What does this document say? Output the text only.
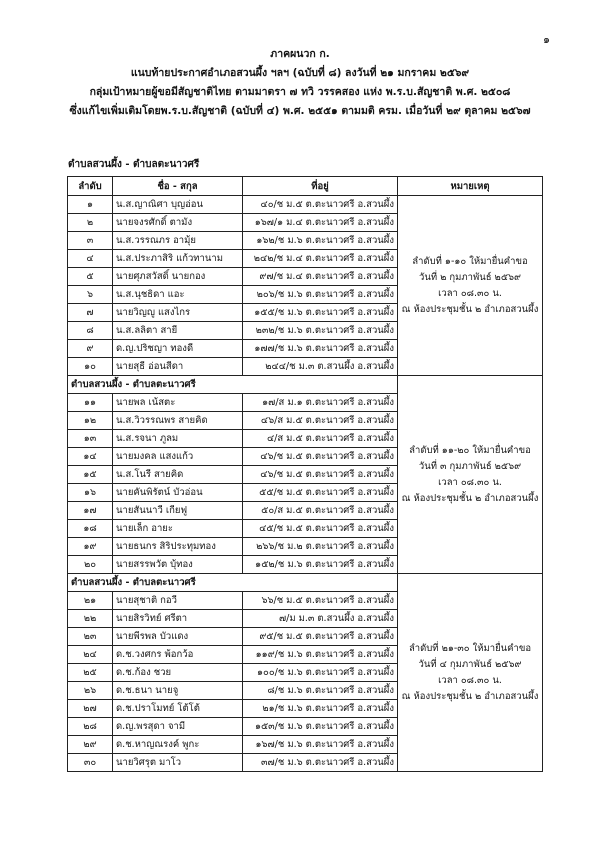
๑
ภาคผนวก ก.
แนบท้ายประกาศอำเภอสวนผึ้ง ฯลฯ (ฉบับที่ ๘) ลงวันที่ ๒๑ มกราคม ๒๕๖๙
กลุ่มเป้าหมายผู้ขอมีสัญชาติไทย ตามมาตรา ๗ ทวิ วรรคสอง แห่ง พ.ร.บ.สัญชาติ พ.ศ. ๒๕๐๘
ซึ่งแก้ไขเพิ่มเติมโดยพ.ร.บ.สัญชาติ (ฉบับที่ ๔) พ.ศ. ๒๕๕๑ ตามมติ ครม. เมื่อวันที่ ๒๙ ตุลาคม ๒๕๖๗
ตำบลสวนผึ้ง - ตำบลตะนาวศรี
ลำดับ	ชื่อ - สกุล	ที่อยู่	หมายเหตุ
๑	น.ส.ญาณิศา บุญอ่อน	๔๐/ช ม.๕ ต.ตะนาวศรี อ.สวนผึ้ง	ลำดับที่ ๑-๑๐ ให้มายื่นคำขอ
วันที่ ๒ กุมภาพันธ์ ๒๕๖๙
เวลา ๐๘.๓๐ น.
ณ ห้องประชุมชั้น ๒ อำเภอสวนผึ้ง

๒	นายจงรศักดิ์ ตามัง	๑๖๗/๑ ม.๔ ต.ตะนาวศรี อ.สวนผึ้ง	
๓	น.ส.วรรณภร อามุ้ย	๑๖๒/ช ม.๖ ต.ตะนาวศรี อ.สวนผึ้ง	
๔	น.ส.ประภาสิริ แก้วทานาม	๒๔๒/ช ม.๔ ต.ตะนาวศรี อ.สวนผึ้ง	
๕	นายศุภสวัสดิ์ นายกอง	๙๗/ช ม.๔ ต.ตะนาวศรี อ.สวนผึ้ง	
๖	น.ส.นุชธิดา แอะ	๒๐๖/ช ม.๖ ต.ตะนาวศรี อ.สวนผึ้ง	
๗	นายวิญญู แสงไกร	๑๕๕/ช ม.๖ ต.ตะนาวศรี อ.สวนผึ้ง	
๘	น.ส.ลลิตา สายี	๒๓๒/ช ม.๖ ต.ตะนาวศรี อ.สวนผึ้ง	
๙	ด.ญ.ปริชญา ทองดี	๑๗๗/ช ม.๖ ต.ตะนาวศรี อ.สวนผึ้ง	
๑๐	นายสุธี อ่อนสีดา	๒๔๔/ช ม.๓ ต.สวนผึ้ง อ.สวนผึ้ง	
ตำบลสวนผึ้ง - ตำบลตะนาวศรี			ลำดับที่ ๑๑-๒๐ ให้มายื่นคำขอ
วันที่ ๓ กุมภาพันธ์ ๒๕๖๙
เวลา ๐๘.๓๐ น.
ณ ห้องประชุมชั้น ๒ อำเภอสวนผึ้ง

๑๑	นายพล เน้สตะ	๑๗/ส ม.๑ ต.ตะนาวศรี อ.สวนผึ้ง	
๑๒	น.ส.วิวรรณพร สายคิด	๔๖/ส ม.๕ ต.ตะนาวศรี อ.สวนผึ้ง	
๑๓	น.ส.รจนา ภูลม	๔/ส ม.๕ ต.ตะนาวศรี อ.สวนผึ้ง	
๑๔	นายมงคล แสงแก้ว	๔๖/ช ม.๕ ต.ตะนาวศรี อ.สวนผึ้ง	
๑๕	น.ส.โนรี สายคิด	๔๖/ช ม.๕ ต.ตะนาวศรี อ.สวนผึ้ง	
๑๖	นายคันพิรัตน์ บัวอ่อน	๕๕/ช ม.๕ ต.ตะนาวศรี อ.สวนผึ้ง	
๑๗	นายสันนาวี เกียฟู	๕๐/ส ม.๕ ต.ตะนาวศรี อ.สวนผึ้ง	
๑๘	นายเล็ก อายะ	๔๕/ช ม.๕ ต.ตะนาวศรี อ.สวนผึ้ง	
๑๙	นายธนกร สิริประทุมทอง	๒๖๖/ช ม.๒ ต.ตะนาวศรี อ.สวนผึ้ง	
๒๐	นายสรรพวัต บุ้ทอง	๑๕๒/ช ม.๖ ต.ตะนาวศรี อ.สวนผึ้ง	
ตำบลสวนผึ้ง - ตำบลตะนาวศรี			ลำดับที่ ๒๑-๓๐ ให้มายื่นคำขอ
วันที่ ๔ กุมภาพันธ์ ๒๕๖๙
เวลา ๐๘.๓๐ น.
ณ ห้องประชุมชั้น ๒ อำเภอสวนผึ้ง

๒๑	นายสุชาติ กอวี	๖๖/ช ม.๕ ต.ตะนาวศรี อ.สวนผึ้ง	
๒๒	นายสิรวิทย์ ศรีตา	๗/ม ม.๓ ต.สวนผึ้ง อ.สวนผึ้ง	
๒๓	นายพีรพล บัวแดง	๙๕/ช ม.๕ ต.ตะนาวศรี อ.สวนผึ้ง	
๒๔	ด.ช.วงศกร พ้อกว้อ	๑๑๙/ช ม.๖ ต.ตะนาวศรี อ.สวนผึ้ง	
๒๕	ด.ช.ก้อง ชวย	๑๐๐/ช ม.๖ ต.ตะนาวศรี อ.สวนผึ้ง	
๒๖	ด.ช.ธนา นายจู	๘/ช ม.๖ ต.ตะนาวศรี อ.สวนผึ้ง	
๒๗	ด.ช.ปราโมทย์ โต้โต้	๒๑/ช ม.๖ ต.ตะนาวศรี อ.สวนผึ้ง	
๒๘	ด.ญ.พรสุดา จามี	๑๕๓/ช ม.๖ ต.ตะนาวศรี อ.สวนผึ้ง	
๒๙	ด.ช.หาญณรงค์ พูกะ	๑๖๗/ช ม.๖ ต.ตะนาวศรี อ.สวนผึ้ง	
๓๐	นายวิศรุต มาโว	๓๗/ช ม.๖ ต.ตะนาวศรี อ.สวนผึ้ง	
